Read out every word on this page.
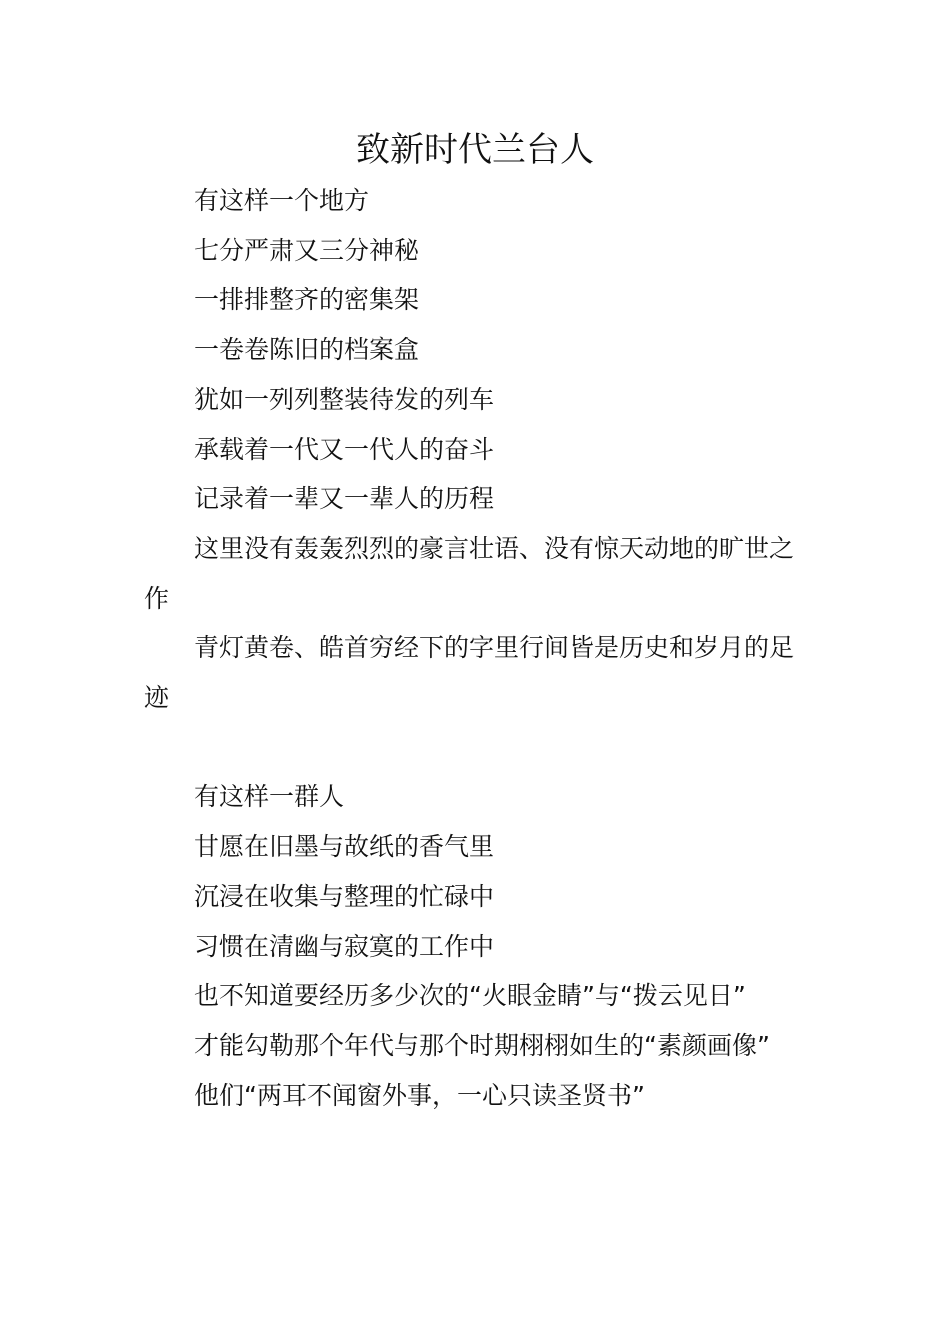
致新时代兰台人

有这样一个地方

七分严肃又三分神秘

一排排整齐的密集架

一卷卷陈旧的档案盒

犹如一列列整装待发的列车

承载着一代又一代人的奋斗

记录着一辈又一辈人的历程

这里没有轰轰烈烈的豪言壮语、没有惊天动地的旷世之作

青灯黄卷、皓首穷经下的字里行间皆是历史和岁月的足迹

有这样一群人

甘愿在旧墨与故纸的香气里

沉浸在收集与整理的忙碌中

习惯在清幽与寂寞的工作中

也不知道要经历多少次的“火眼金睛”与“拨云见日”

才能勾勒那个年代与那个时期栩栩如生的“素颜画像”

他们“两耳不闻窗外事，一心只读圣贤书”
